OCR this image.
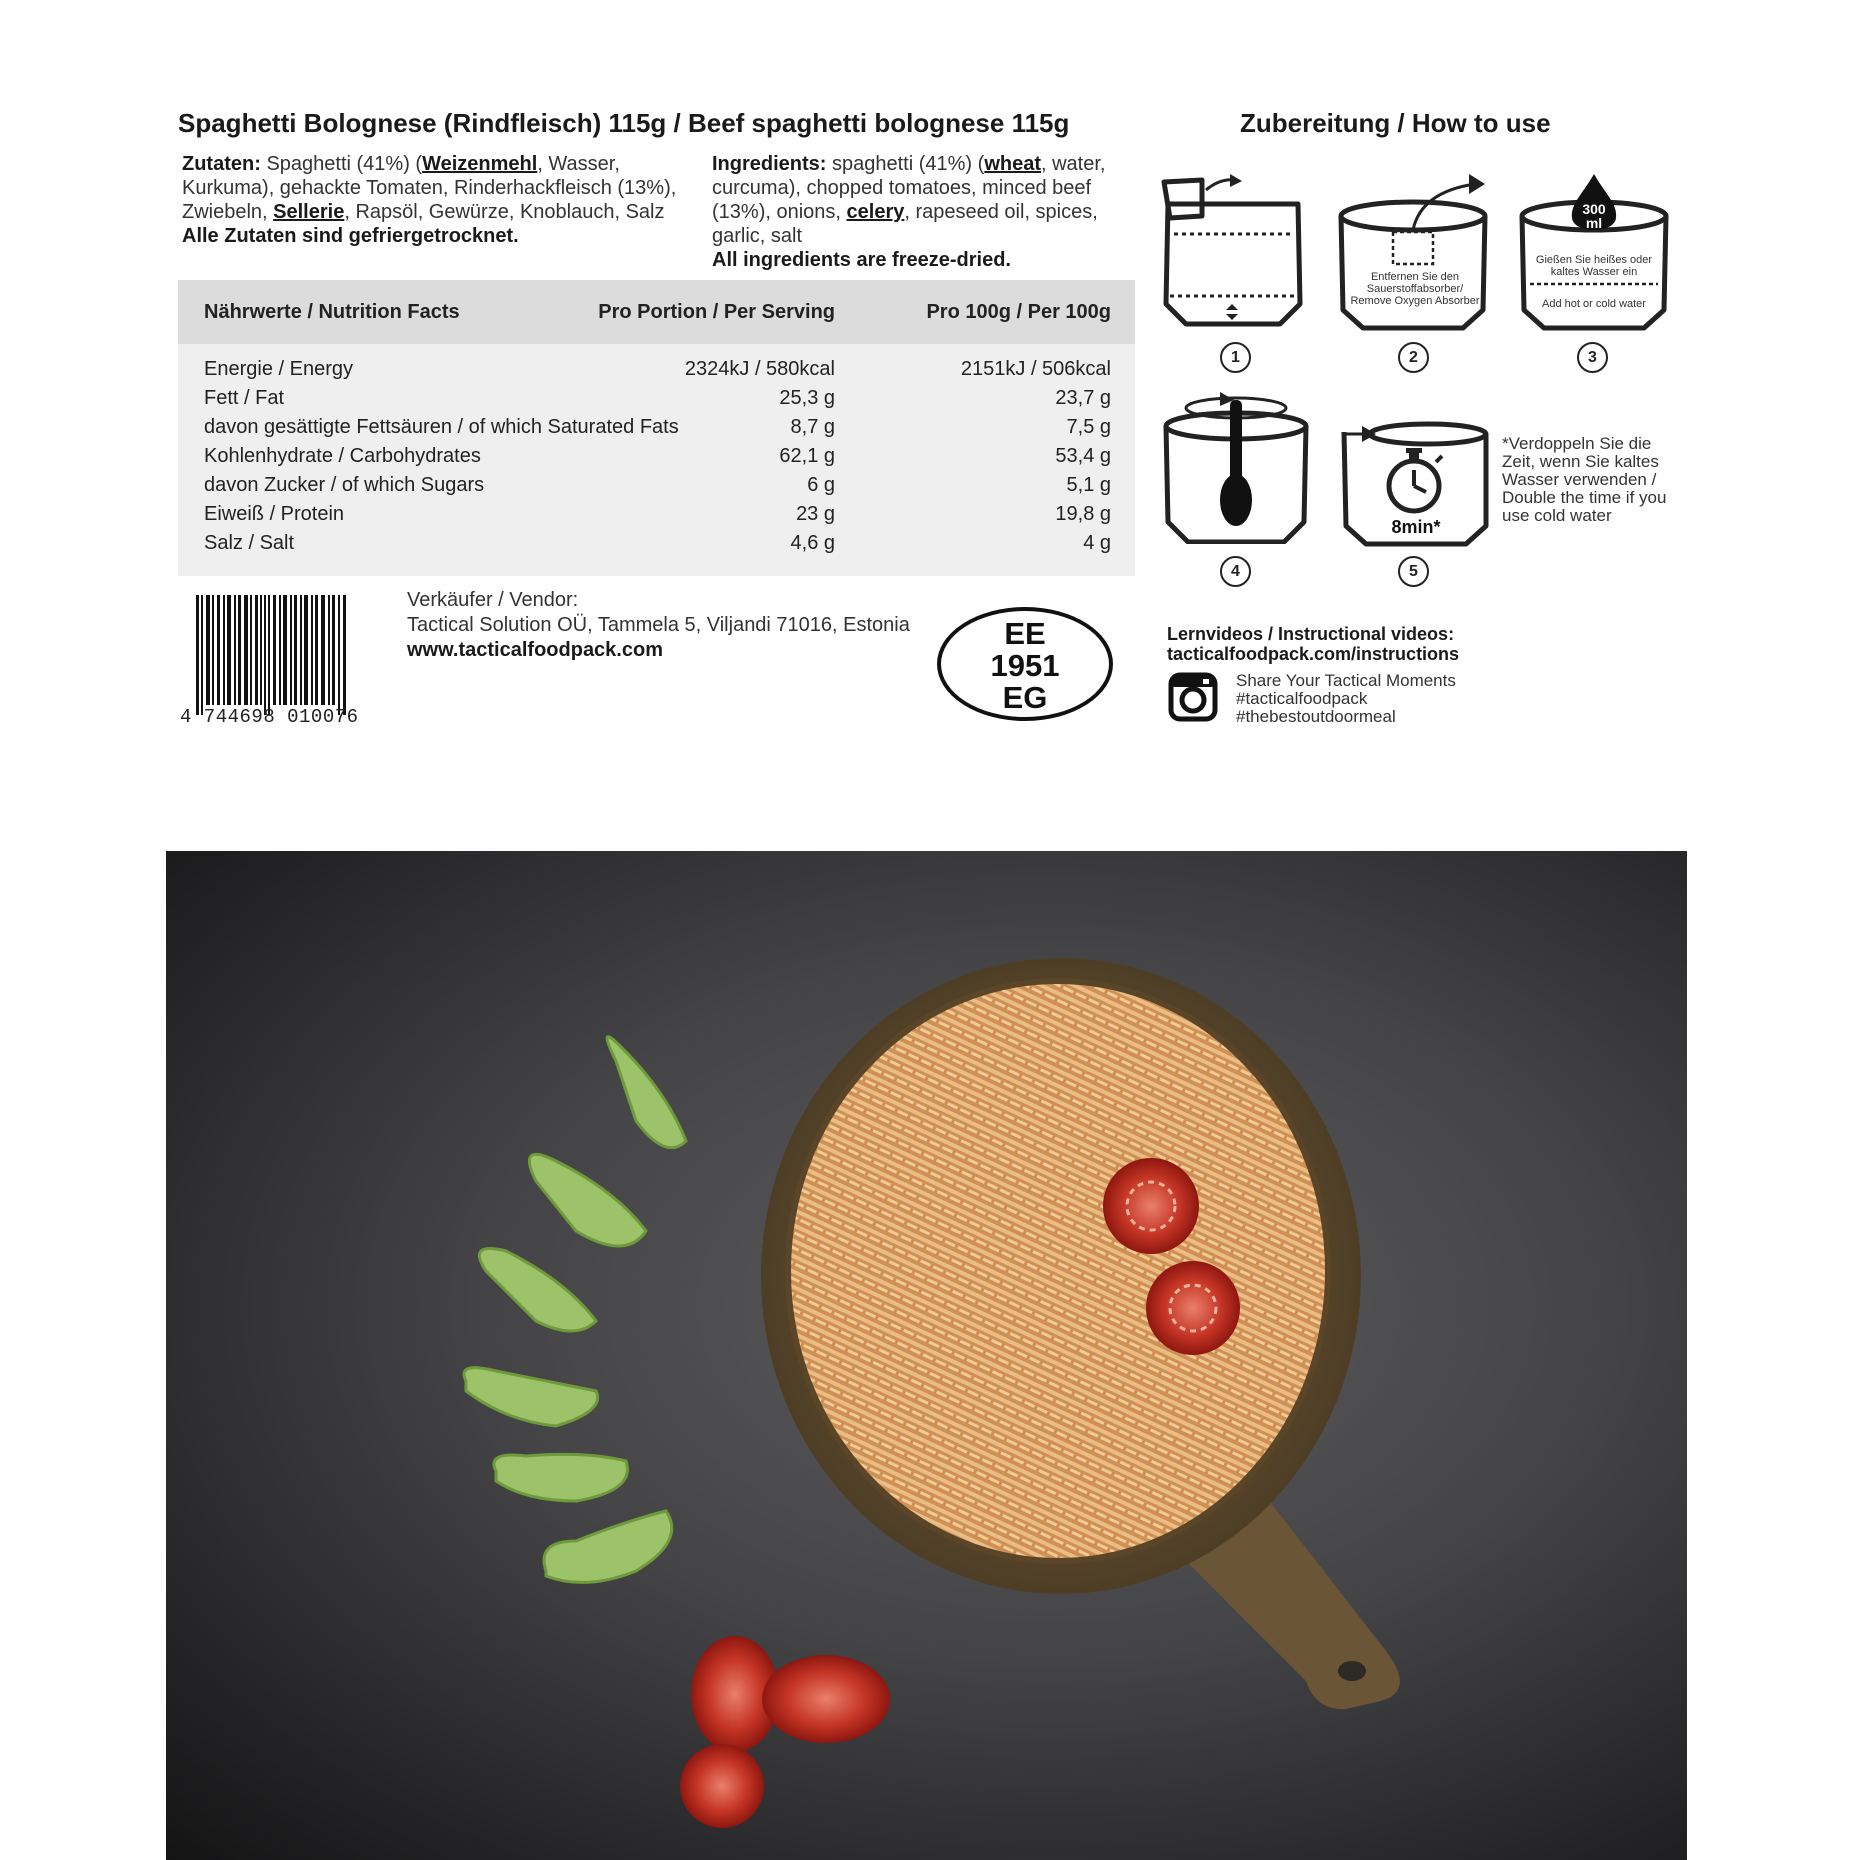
Spaghetti Bolognese (Rindfleisch) 115g / Beef spaghetti bolognese 115g
Zutaten: Spaghetti (41%) (Weizenmehl, Wasser, Kurkuma), gehackte Tomaten, Rinderhackfleisch (13%), Zwiebeln, Sellerie, Rapsöl, Gewürze, Knoblauch, Salz
Alle Zutaten sind gefriergetrocknet.
Ingredients: spaghetti (41%) (wheat, water, curcuma), chopped tomatoes, minced beef (13%), onions, celery, rapeseed oil, spices, garlic, salt
All ingredients are freeze-dried.
Nährwerte / Nutrition Facts	Pro Portion / Per Serving	Pro 100g / Per 100g
Energie / Energy	2324kJ / 580kcal	2151kJ / 506kcal
Fett / Fat	25,3 g	23,7 g
davon gesättigte Fettsäuren / of which Saturated Fats	8,7 g	7,5 g
Kohlenhydrate / Carbohydrates	62,1 g	53,4 g
davon Zucker / of which Sugars	6 g	5,1 g
Eiweiß / Protein	23 g	19,8 g
Salz / Salt	4,6 g	4 g
4 744698 010076
Verkäufer / Vendor:
Tactical Solution OÜ, Tammela 5, Viljandi 71016, Estonia
www.tacticalfoodpack.com	EE
1951
EG
Zubereitung / How to use
Entfernen Sie den Sauerstoffabsorber/ Remove Oxygen Absorber
300
ml
Gießen Sie heißes oder kaltes Wasser ein
Add hot or cold water
1	2	3
8min*
4	5
*Verdoppeln Sie die Zeit, wenn Sie kaltes Wasser verwenden / Double the time if you use cold water
Lernvideos / Instructional videos:
tacticalfoodpack.com/instructions
Share Your Tactical Moments
#tacticalfoodpack
#thebestoutdoormeal
